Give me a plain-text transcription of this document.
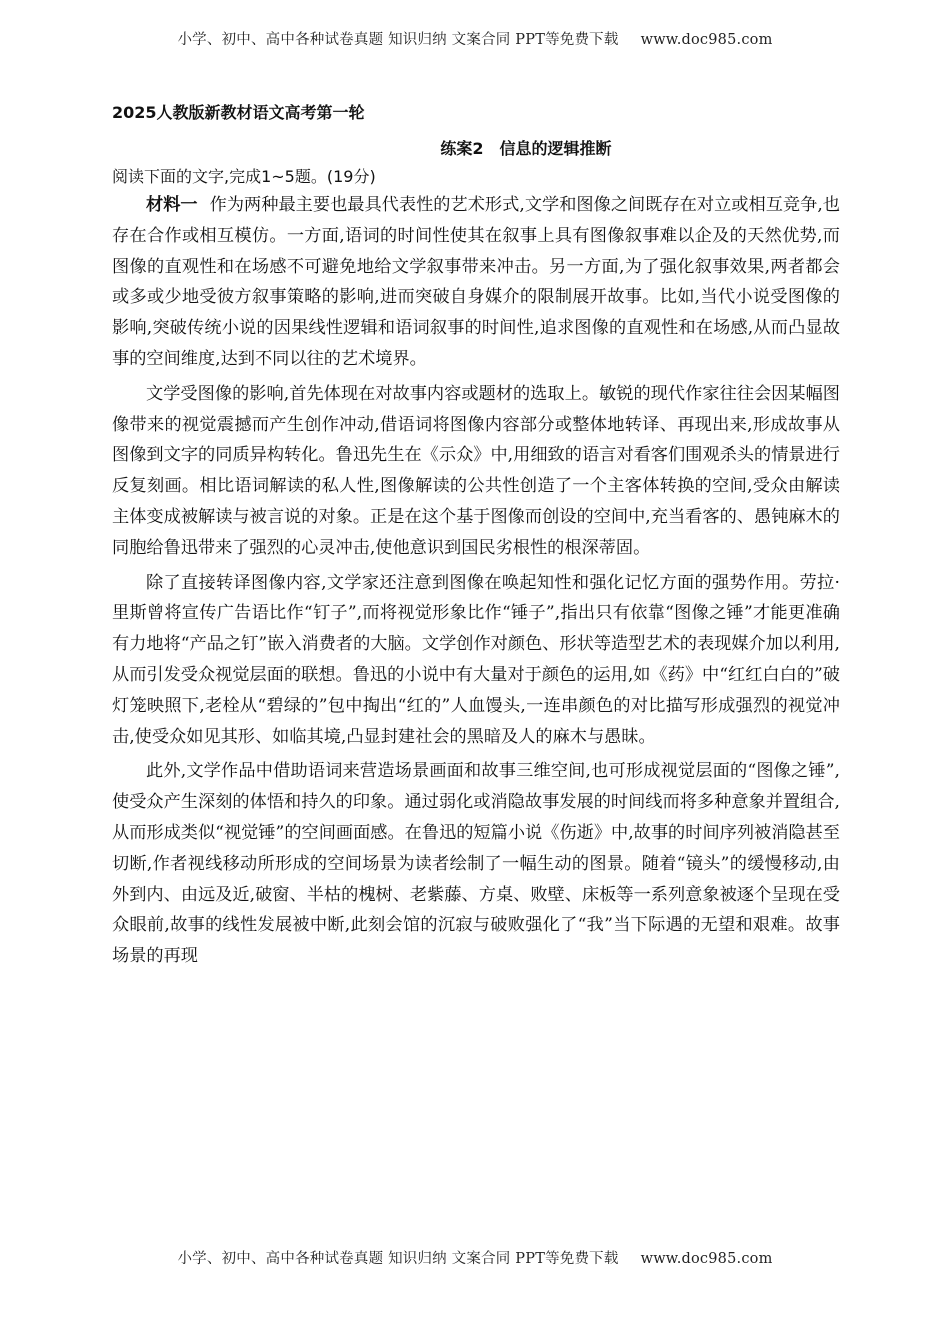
小学、初中、高中各种试卷真题 知识归纳 文案合同 PPT等免费下载 www.doc985.com

2025人教版新教材语文高考第一轮

练案2　信息的逻辑推断

阅读下面的文字,完成1~5题。(19分)

材料一 作为两种最主要也最具代表性的艺术形式,文学和图像之间既存在对立或相互竞争,也存在合作或相互模仿。一方面,语词的时间性使其在叙事上具有图像叙事难以企及的天然优势,而图像的直观性和在场感不可避免地给文学叙事带来冲击。另一方面,为了强化叙事效果,两者都会或多或少地受彼方叙事策略的影响,进而突破自身媒介的限制展开故事。比如,当代小说受图像的影响,突破传统小说的因果线性逻辑和语词叙事的时间性,追求图像的直观性和在场感,从而凸显故事的空间维度,达到不同以往的艺术境界。

文学受图像的影响,首先体现在对故事内容或题材的选取上。敏锐的现代作家往往会因某幅图像带来的视觉震撼而产生创作冲动,借语词将图像内容部分或整体地转译、再现出来,形成故事从图像到文字的同质异构转化。鲁迅先生在《示众》中,用细致的语言对看客们围观杀头的情景进行反复刻画。相比语词解读的私人性,图像解读的公共性创造了一个主客体转换的空间,受众由解读主体变成被解读与被言说的对象。正是在这个基于图像而创设的空间中,充当看客的、愚钝麻木的同胞给鲁迅带来了强烈的心灵冲击,使他意识到国民劣根性的根深蒂固。

除了直接转译图像内容,文学家还注意到图像在唤起知性和强化记忆方面的强势作用。劳拉·里斯曾将宣传广告语比作“钉子”,而将视觉形象比作“锤子”,指出只有依靠“图像之锤”才能更准确有力地将“产品之钉”嵌入消费者的大脑。文学创作对颜色、形状等造型艺术的表现媒介加以利用,从而引发受众视觉层面的联想。鲁迅的小说中有大量对于颜色的运用,如《药》中“红红白白的”破灯笼映照下,老栓从“碧绿的”包中掏出“红的”人血馒头,一连串颜色的对比描写形成强烈的视觉冲击,使受众如见其形、如临其境,凸显封建社会的黑暗及人的麻木与愚昧。

此外,文学作品中借助语词来营造场景画面和故事三维空间,也可形成视觉层面的“图像之锤”,使受众产生深刻的体悟和持久的印象。通过弱化或消隐故事发展的时间线而将多种意象并置组合,从而形成类似“视觉锤”的空间画面感。在鲁迅的短篇小说《伤逝》中,故事的时间序列被消隐甚至切断,作者视线移动所形成的空间场景为读者绘制了一幅生动的图景。随着“镜头”的缓慢移动,由外到内、由远及近,破窗、半枯的槐树、老紫藤、方桌、败壁、床板等一系列意象被逐个呈现在受众眼前,故事的线性发展被中断,此刻会馆的沉寂与破败强化了“我”当下际遇的无望和艰难。故事场景的再现

小学、初中、高中各种试卷真题 知识归纳 文案合同 PPT等免费下载 www.doc985.com
